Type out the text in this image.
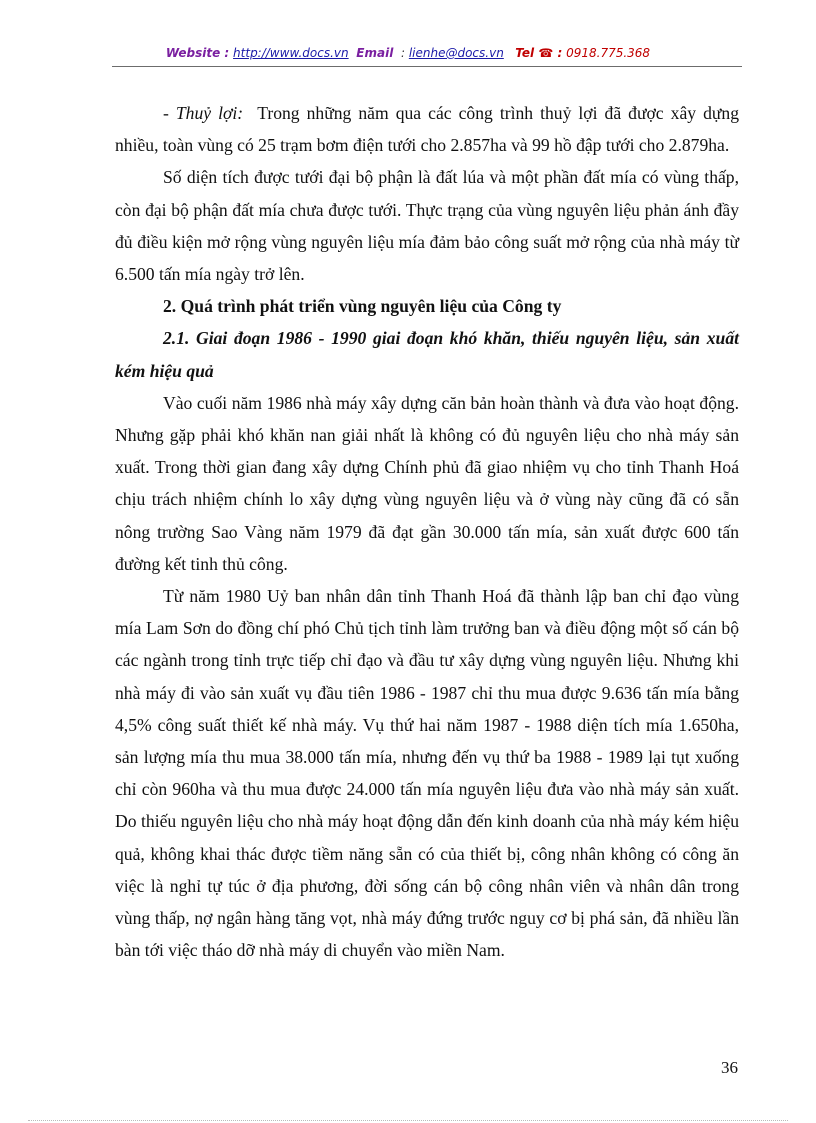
Website : http://www.docs.vn Email : lienhe@docs.vn Tel ☎ : 0918.775.368

- Thuỷ lợi: Trong những năm qua các công trình thuỷ lợi đã được xây dựng nhiều, toàn vùng có 25 trạm bơm điện tưới cho 2.857ha và 99 hồ đập tưới cho 2.879ha.

Số diện tích được tưới đại bộ phận là đất lúa và một phần đất mía có vùng thấp, còn đại bộ phận đất mía chưa được tưới. Thực trạng của vùng nguyên liệu phản ánh đầy đủ điều kiện mở rộng vùng nguyên liệu mía đảm bảo công suất mở rộng của nhà máy từ 6.500 tấn mía ngày trở lên.

2. Quá trình phát triển vùng nguyên liệu của Công ty

2.1. Giai đoạn 1986 - 1990 giai đoạn khó khăn, thiếu nguyên liệu, sản xuất kém hiệu quả

Vào cuối năm 1986 nhà máy xây dựng căn bản hoàn thành và đưa vào hoạt động. Nhưng gặp phải khó khăn nan giải nhất là không có đủ nguyên liệu cho nhà máy sản xuất. Trong thời gian đang xây dựng Chính phủ đã giao nhiệm vụ cho tỉnh Thanh Hoá chịu trách nhiệm chính lo xây dựng vùng nguyên liệu và ở vùng này cũng đã có sẵn nông trường Sao Vàng năm 1979 đã đạt gần 30.000 tấn mía, sản xuất được 600 tấn đường kết tinh thủ công.

Từ năm 1980 Uỷ ban nhân dân tỉnh Thanh Hoá đã thành lập ban chỉ đạo vùng mía Lam Sơn do đồng chí phó Chủ tịch tỉnh làm trưởng ban và điều động một số cán bộ các ngành trong tỉnh trực tiếp chỉ đạo và đầu tư xây dựng vùng nguyên liệu. Nhưng khi nhà máy đi vào sản xuất vụ đầu tiên 1986 - 1987 chỉ thu mua được 9.636 tấn mía bằng 4,5% công suất thiết kế nhà máy. Vụ thứ hai năm 1987 - 1988 diện tích mía 1.650ha, sản lượng mía thu mua 38.000 tấn mía, nhưng đến vụ thứ ba 1988 - 1989 lại tụt xuống chỉ còn 960ha và thu mua được 24.000 tấn mía nguyên liệu đưa vào nhà máy sản xuất. Do thiếu nguyên liệu cho nhà máy hoạt động dẫn đến kinh doanh của nhà máy kém hiệu quả, không khai thác được tiềm năng sẵn có của thiết bị, công nhân không có công ăn việc là nghỉ tự túc ở địa phương, đời sống cán bộ công nhân viên và nhân dân trong vùng thấp, nợ ngân hàng tăng vọt, nhà máy đứng trước nguy cơ bị phá sản, đã nhiều lần bàn tới việc tháo dỡ nhà máy di chuyển vào miền Nam.

36
